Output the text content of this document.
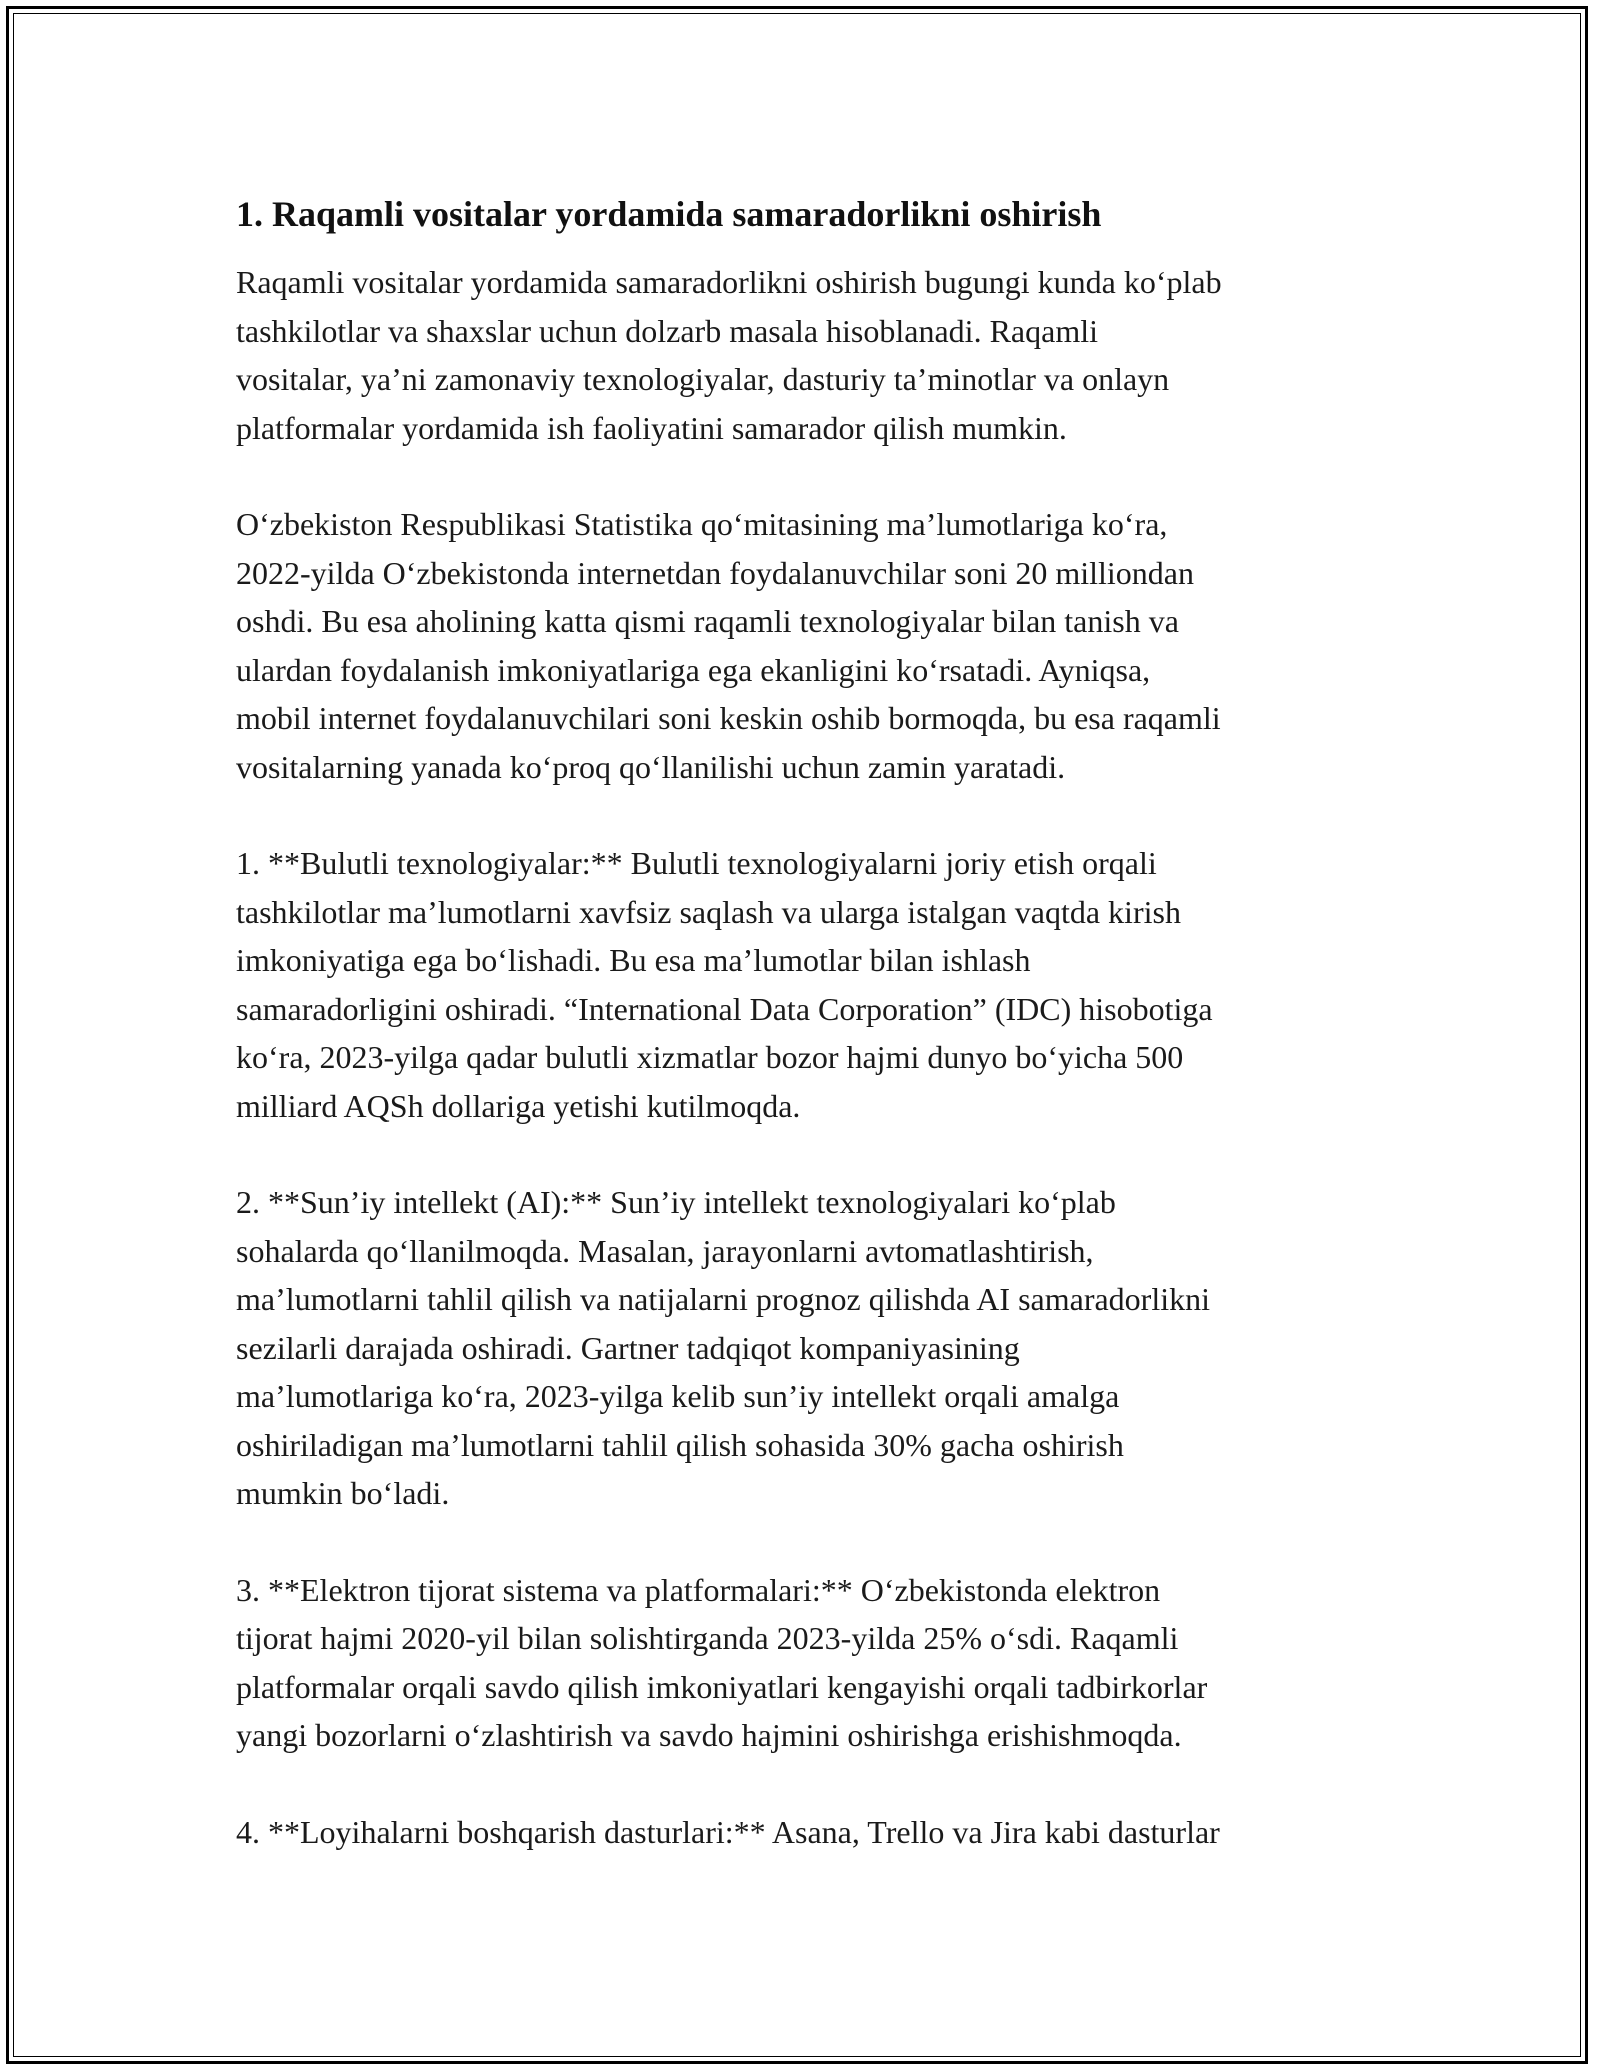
1. Raqamli vositalar yordamida samaradorlikni oshirish

Raqamli vositalar yordamida samaradorlikni oshirish bugungi kunda koʻplab
tashkilotlar va shaxslar uchun dolzarb masala hisoblanadi. Raqamli
vositalar, yaʼni zamonaviy texnologiyalar, dasturiy taʼminotlar va onlayn
platformalar yordamida ish faoliyatini samarador qilish mumkin.

Oʻzbekiston Respublikasi Statistika qoʻmitasining maʼlumotlariga koʻra,
2022-yilda Oʻzbekistonda internetdan foydalanuvchilar soni 20 milliondan
oshdi. Bu esa aholining katta qismi raqamli texnologiyalar bilan tanish va
ulardan foydalanish imkoniyatlariga ega ekanligini koʻrsatadi. Ayniqsa,
mobil internet foydalanuvchilari soni keskin oshib bormoqda, bu esa raqamli
vositalarning yanada koʻproq qoʻllanilishi uchun zamin yaratadi.

1. **Bulutli texnologiyalar:** Bulutli texnologiyalarni joriy etish orqali
tashkilotlar maʼlumotlarni xavfsiz saqlash va ularga istalgan vaqtda kirish
imkoniyatiga ega boʻlishadi. Bu esa maʼlumotlar bilan ishlash
samaradorligini oshiradi. “International Data Corporation” (IDC) hisobotiga
koʻra, 2023-yilga qadar bulutli xizmatlar bozor hajmi dunyo boʻyicha 500
milliard AQSh dollariga yetishi kutilmoqda.

2. **Sunʼiy intellekt (AI):** Sunʼiy intellekt texnologiyalari koʻplab
sohalarda qoʻllanilmoqda. Masalan, jarayonlarni avtomatlashtirish,
maʼlumotlarni tahlil qilish va natijalarni prognoz qilishda AI samaradorlikni
sezilarli darajada oshiradi. Gartner tadqiqot kompaniyasining
maʼlumotlariga koʻra, 2023-yilga kelib sunʼiy intellekt orqali amalga
oshiriladigan maʼlumotlarni tahlil qilish sohasida 30% gacha oshirish
mumkin boʻladi.

3. **Elektron tijorat sistema va platformalari:** Oʻzbekistonda elektron
tijorat hajmi 2020-yil bilan solishtirganda 2023-yilda 25% oʻsdi. Raqamli
platformalar orqali savdo qilish imkoniyatlari kengayishi orqali tadbirkorlar
yangi bozorlarni oʻzlashtirish va savdo hajmini oshirishga erishishmoqda.

4. **Loyihalarni boshqarish dasturlari:** Asana, Trello va Jira kabi dasturlar
